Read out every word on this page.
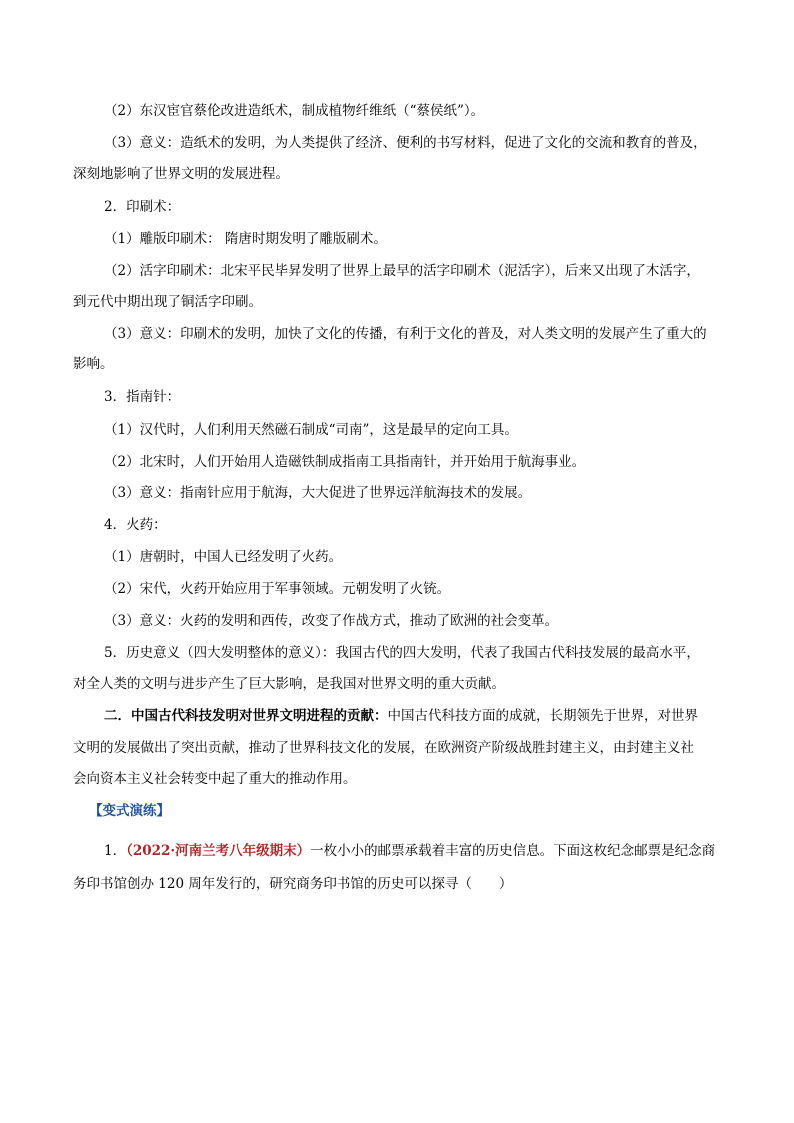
（2）东汉宦官蔡伦改进造纸术，制成植物纤维纸（“蔡侯纸”）。
（3）意义：造纸术的发明，为人类提供了经济、便利的书写材料，促进了文化的交流和教育的普及，
深刻地影响了世界文明的发展进程。
2．印刷术：
（1）雕版印刷术： 隋唐时期发明了雕版刷术。
（2）活字印刷术：北宋平民毕昇发明了世界上最早的活字印刷术（泥活字），后来又出现了木活字，
到元代中期出现了铜活字印刷。
（3）意义：印刷术的发明，加快了文化的传播，有利于文化的普及，对人类文明的发展产生了重大的
影响。
3．指南针：
（1）汉代时，人们利用天然磁石制成“司南”，这是最早的定向工具。
（2）北宋时，人们开始用人造磁铁制成指南工具指南针，并开始用于航海事业。
（3）意义：指南针应用于航海，大大促进了世界远洋航海技术的发展。
4．火药：
（1）唐朝时，中国人已经发明了火药。
（2）宋代，火药开始应用于军事领域。元朝发明了火铳。
（3）意义：火药的发明和西传，改变了作战方式，推动了欧洲的社会变革。
5．历史意义（四大发明整体的意义）：我国古代的四大发明，代表了我国古代科技发展的最高水平，
对全人类的文明与进步产生了巨大影响，是我国对世界文明的重大贡献。
二．中国古代科技发明对世界文明进程的贡献：中国古代科技方面的成就，长期领先于世界，对世界
文明的发展做出了突出贡献，推动了世界科技文化的发展，在欧洲资产阶级战胜封建主义，由封建主义社
会向资本主义社会转变中起了重大的推动作用。
【变式演练】
1．（2022·河南兰考八年级期末）一枚小小的邮票承载着丰富的历史信息。下面这枚纪念邮票是纪念商
务印书馆创办 120 周年发行的，研究商务印书馆的历史可以探寻（　　）
